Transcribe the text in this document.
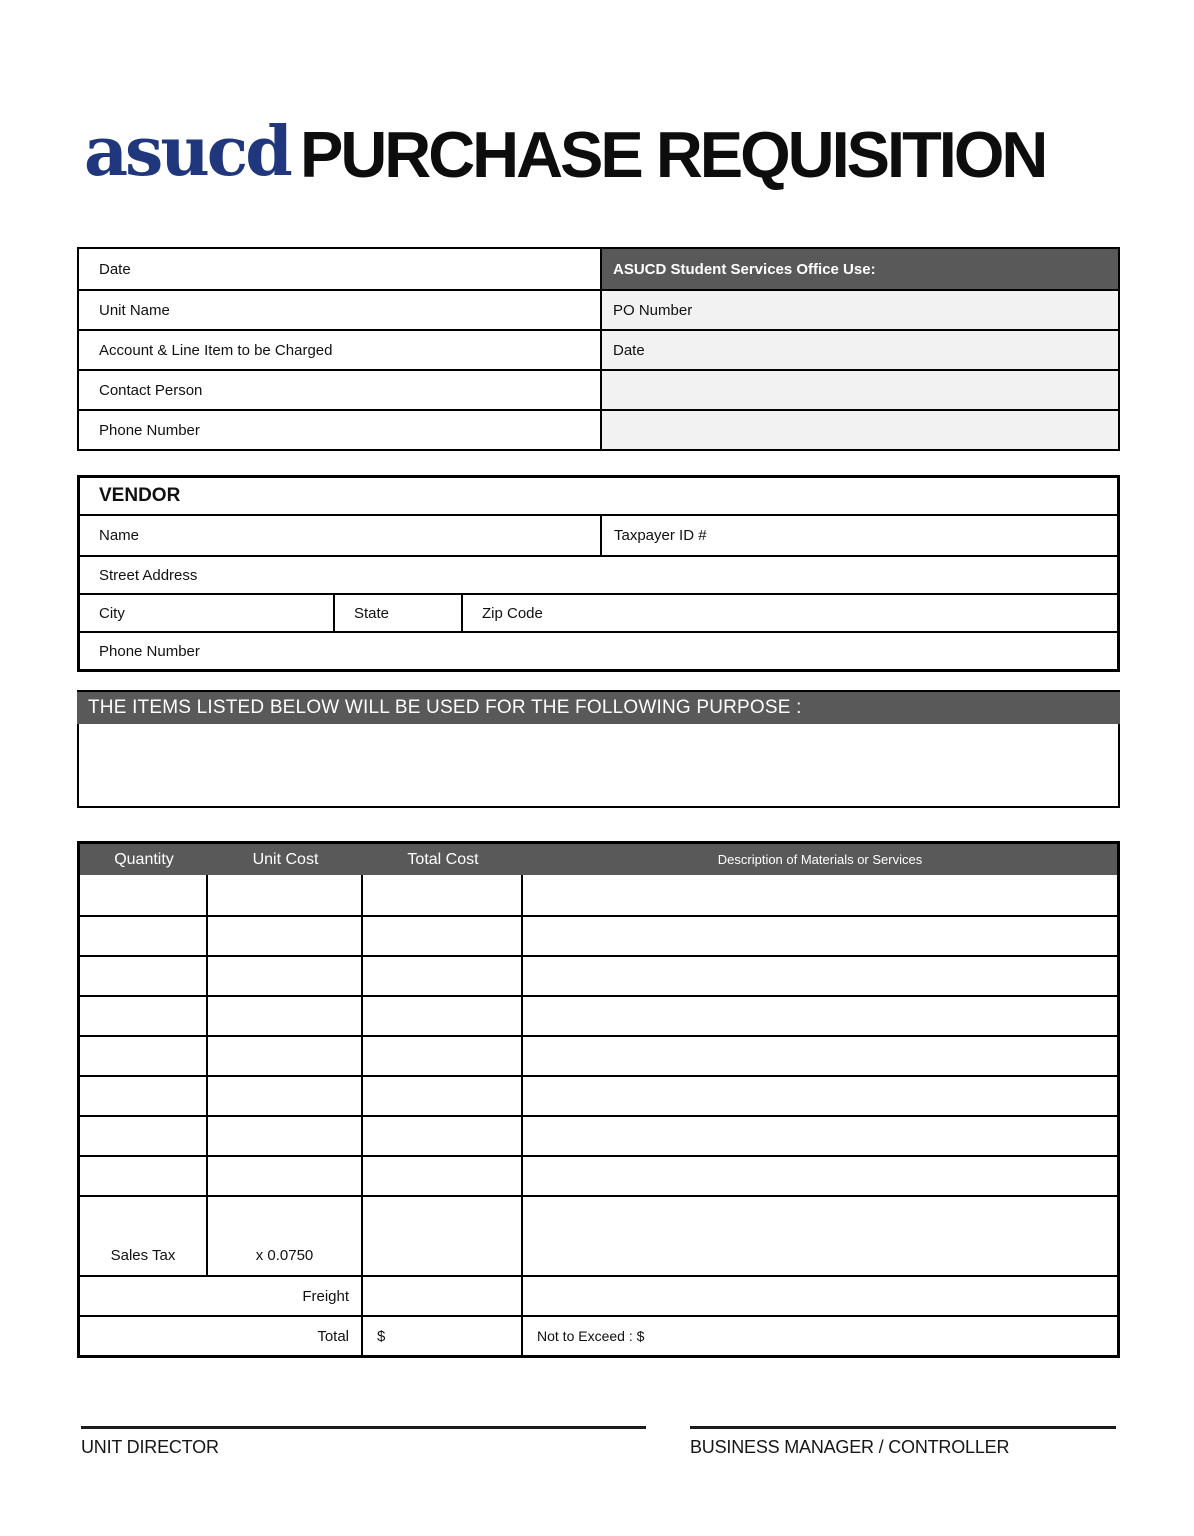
asucd PURCHASE REQUISITION
Date	ASUCD Student Services Office Use:
Unit Name	PO Number
Account & Line Item to be Charged	Date
Contact Person
Phone Number
VENDOR
Name	Taxpayer ID #
Street Address
City	State	Zip Code
Phone Number
THE ITEMS LISTED BELOW WILL BE USED FOR THE FOLLOWING PURPOSE :
Quantity	Unit Cost	Total Cost	Description of Materials or Services
Sales Tax	x 0.0750
Freight
Total	$	Not to Exceed : $
UNIT DIRECTOR	BUSINESS MANAGER / CONTROLLER
